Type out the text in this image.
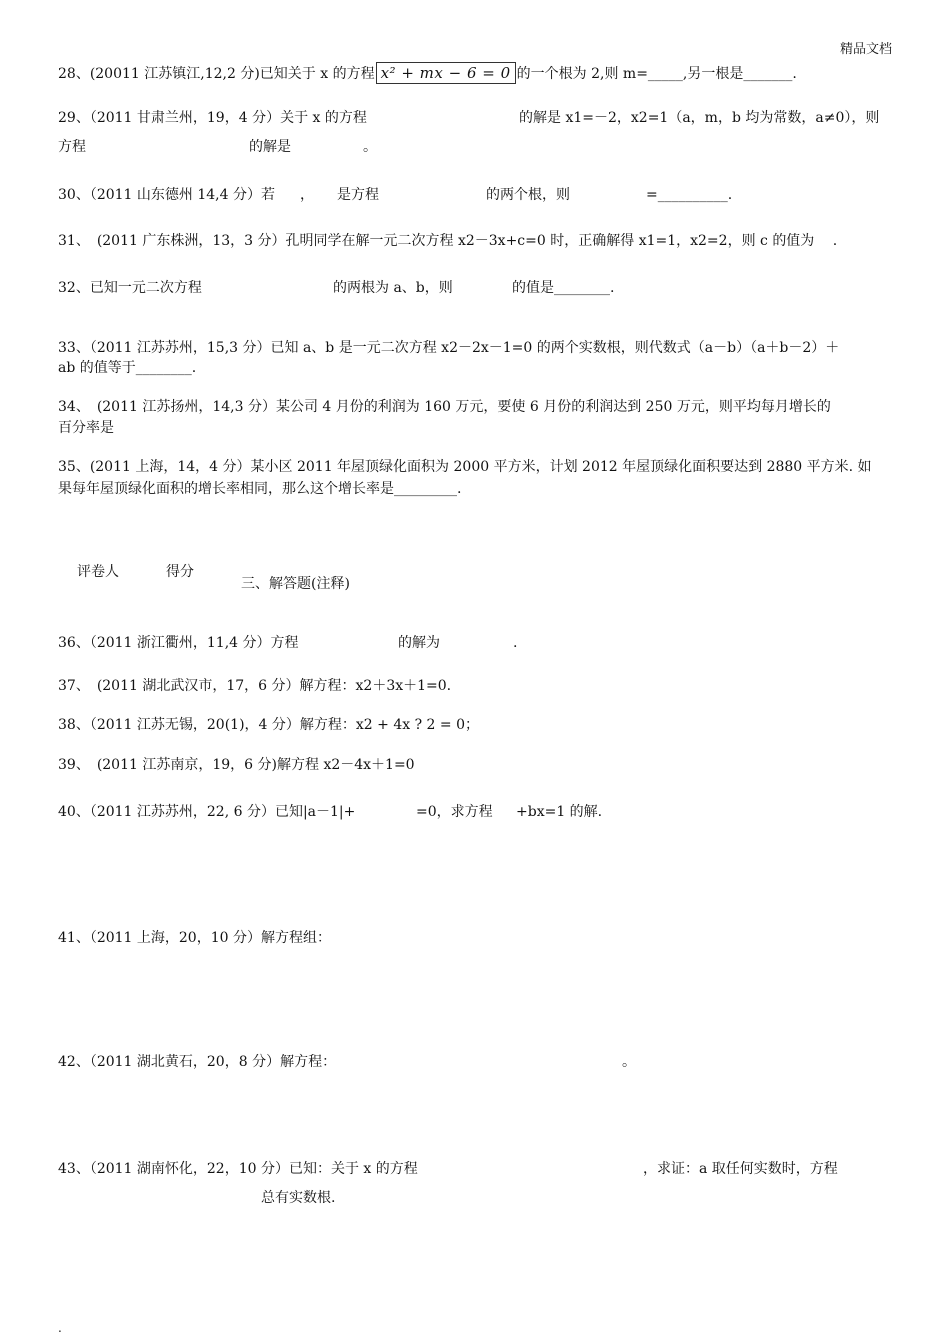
精品文档
28、(20011 江苏镇江,12,2 分)已知关于 x 的方程 x² + mx − 6 = 0 的一个根为 2,则 m=_____,另一根是_______.
29、（2011 甘肃兰州，19，4 分）关于 x 的方程	的解是 x1=－2，x2=1（a，m，b 均为常数，a≠0），则
方程	的解是	。
30、（2011 山东德州 14,4 分）若 ， 是方程	的两个根，则	=__________.
31、　(2011 广东株洲，13，3 分）孔明同学在解一元二次方程 x2－3x+c=0 时，正确解得 x1=1，x2=2，则 c 的值为　 .
32、已知一元二次方程	的两根为 a、b，则	的值是________.
33、（2011 江苏苏州，15,3 分）已知 a、b 是一元二次方程 x2－2x－1=0 的两个实数根，则代数式（a－b）（a＋b－2）＋
ab 的值等于________.
34、　(2011 江苏扬州，14,3 分）某公司 4 月份的利润为 160 万元，要使 6 月份的利润达到 250 万元，则平均每月增长的
百分率是
35、(2011 上海，14，4 分）某小区 2011 年屋顶绿化面积为 2000 平方米，计划 2012 年屋顶绿化面积要达到 2880 平方米. 如
果每年屋顶绿化面积的增长率相同，那么这个增长率是_________.
评卷人	得分
三、解答题(注释)
36、（2011 浙江衢州，11,4 分）方程	的解为	.
37、　(2011 湖北武汉市，17，6 分）解方程：x2＋3x＋1=0.
38、（2011 江苏无锡，20(1)，4 分）解方程：x2 + 4x ? 2 = 0；
39、　(2011 江苏南京，19，6 分)解方程 x2－4x＋1=0
40、（2011 江苏苏州，22, 6 分）已知|a－1|+	=0，求方程 +bx=1 的解.
41、（2011 上海，20，10 分）解方程组：
42、（2011 湖北黄石，20，8 分）解方程：	。
43、（2011 湖南怀化，22，10 分）已知：关于 x 的方程	，求证：a 取任何实数时，方程
总有实数根.
.
